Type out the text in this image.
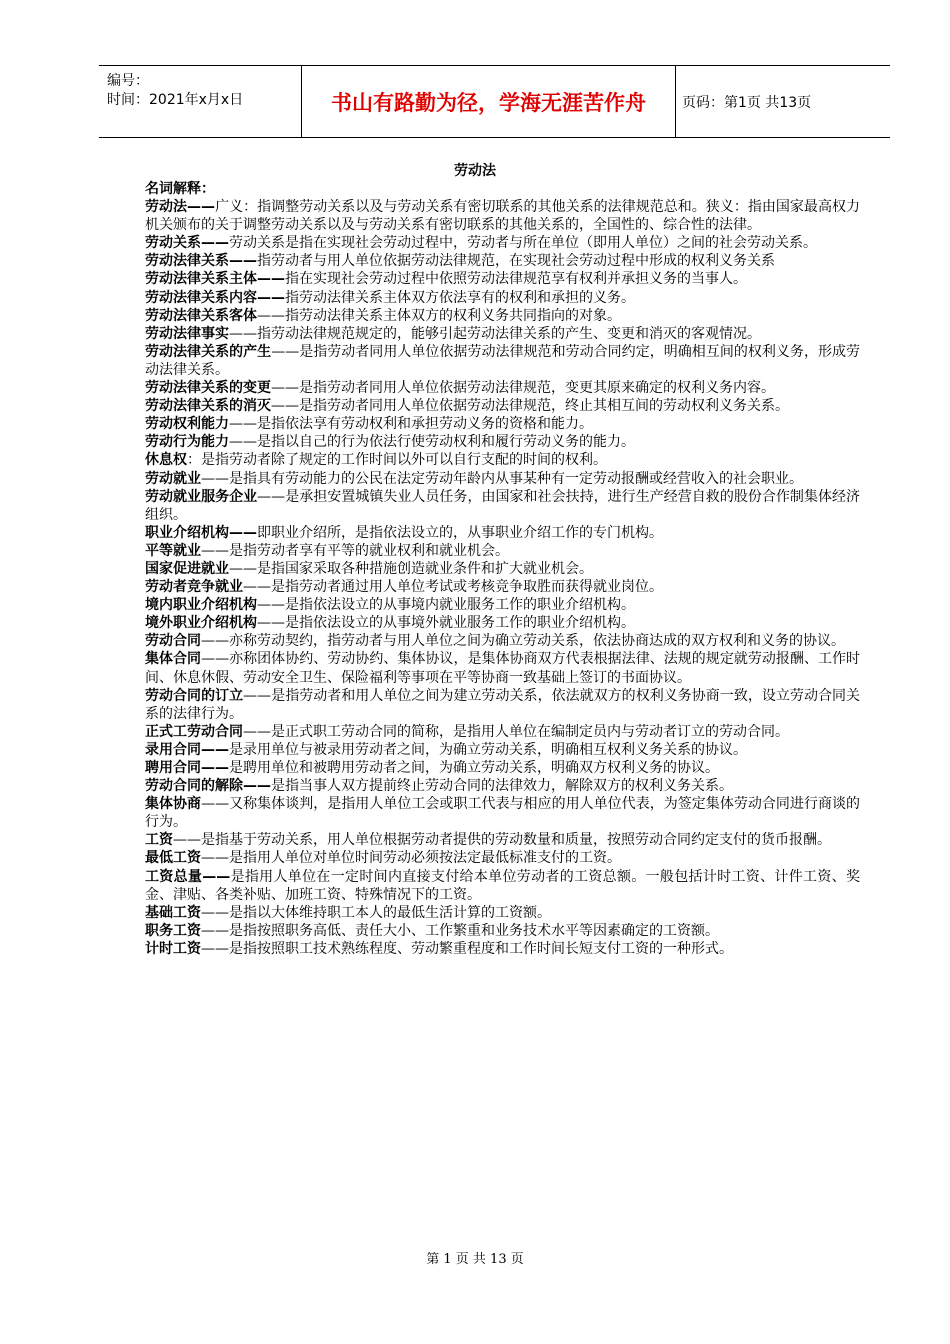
编号：
时间：2021年x月x日	书山有路勤为径，学海无涯苦作舟	页码：第1页 共13页
劳动法
名词解释：

劳动法——广义：指调整劳动关系以及与劳动关系有密切联系的其他关系的法律规范总和。狭义：指由国家最高权力机关颁布的关于调整劳动关系以及与劳动关系有密切联系的其他关系的，全国性的、综合性的法律。

劳动关系——劳动关系是指在实现社会劳动过程中，劳动者与所在单位（即用人单位）之间的社会劳动关系。

劳动法律关系——指劳动者与用人单位依据劳动法律规范，在实现社会劳动过程中形成的权利义务关系

劳动法律关系主体——指在实现社会劳动过程中依照劳动法律规范享有权利并承担义务的当事人。

劳动法律关系内容——指劳动法律关系主体双方依法享有的权利和承担的义务。

劳动法律关系客体——指劳动法律关系主体双方的权利义务共同指向的对象。

劳动法律事实——指劳动法律规范规定的，能够引起劳动法律关系的产生、变更和消灭的客观情况。

劳动法律关系的产生——是指劳动者同用人单位依据劳动法律规范和劳动合同约定，明确相互间的权利义务，形成劳动法律关系。

劳动法律关系的变更——是指劳动者同用人单位依据劳动法律规范，变更其原来确定的权利义务内容。

劳动法律关系的消灭——是指劳动者同用人单位依据劳动法律规范，终止其相互间的劳动权利义务关系。

劳动权利能力——是指依法享有劳动权利和承担劳动义务的资格和能力。

劳动行为能力——是指以自己的行为依法行使劳动权利和履行劳动义务的能力。

休息权：是指劳动者除了规定的工作时间以外可以自行支配的时间的权利。

劳动就业——是指具有劳动能力的公民在法定劳动年龄内从事某种有一定劳动报酬或经营收入的社会职业。

劳动就业服务企业——是承担安置城镇失业人员任务，由国家和社会扶持，进行生产经营自救的股份合作制集体经济组织。

职业介绍机构——即职业介绍所，是指依法设立的，从事职业介绍工作的专门机构。

平等就业——是指劳动者享有平等的就业权利和就业机会。

国家促进就业——是指国家采取各种措施创造就业条件和扩大就业机会。

劳动者竞争就业——是指劳动者通过用人单位考试或考核竞争取胜而获得就业岗位。

境内职业介绍机构——是指依法设立的从事境内就业服务工作的职业介绍机构。

境外职业介绍机构——是指依法设立的从事境外就业服务工作的职业介绍机构。

劳动合同——亦称劳动契约，指劳动者与用人单位之间为确立劳动关系，依法协商达成的双方权利和义务的协议。

集体合同——亦称团体协约、劳动协约、集体协议，是集体协商双方代表根据法律、法规的规定就劳动报酬、工作时间、休息休假、劳动安全卫生、保险福利等事项在平等协商一致基础上签订的书面协议。

劳动合同的订立——是指劳动者和用人单位之间为建立劳动关系，依法就双方的权利义务协商一致，设立劳动合同关系的法律行为。

正式工劳动合同——是正式职工劳动合同的简称，是指用人单位在编制定员内与劳动者订立的劳动合同。

录用合同——是录用单位与被录用劳动者之间，为确立劳动关系，明确相互权利义务关系的协议。

聘用合同——是聘用单位和被聘用劳动者之间，为确立劳动关系，明确双方权利义务的协议。

劳动合同的解除——是指当事人双方提前终止劳动合同的法律效力，解除双方的权利义务关系。

集体协商——又称集体谈判，是指用人单位工会或职工代表与相应的用人单位代表，为签定集体劳动合同进行商谈的行为。

工资——是指基于劳动关系，用人单位根据劳动者提供的劳动数量和质量，按照劳动合同约定支付的货币报酬。

最低工资——是指用人单位对单位时间劳动必须按法定最低标准支付的工资。

工资总量——是指用人单位在一定时间内直接支付给本单位劳动者的工资总额。一般包括计时工资、计件工资、奖金、津贴、各类补贴、加班工资、特殊情况下的工资。

基础工资——是指以大体维持职工本人的最低生活计算的工资额。

职务工资——是指按照职务高低、责任大小、工作繁重和业务技术水平等因素确定的工资额。

计时工资——是指按照职工技术熟练程度、劳动繁重程度和工作时间长短支付工资的一种形式。

第 1 页 共 13 页
